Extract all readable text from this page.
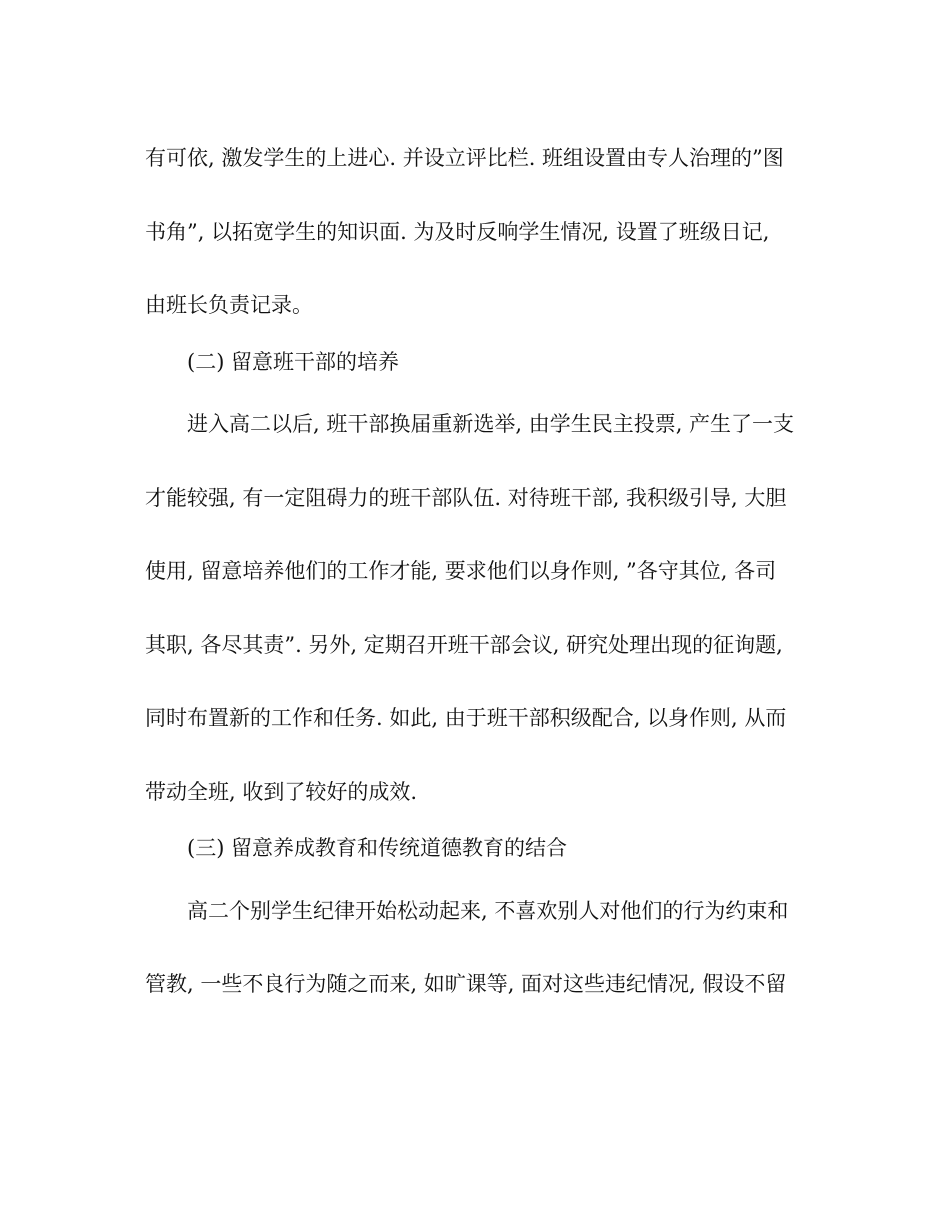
有可依, 激发学生的上进心. 并设立评比栏. 班组设置由专人治理的”图
书角”, 以拓宽学生的知识面. 为及时反响学生情况, 设置了班级日记,
由班长负责记录。
(二) 留意班干部的培养
进入高二以后, 班干部换届重新选举, 由学生民主投票, 产生了一支
才能较强, 有一定阻碍力的班干部队伍. 对待班干部, 我积级引导, 大胆
使用, 留意培养他们的工作才能, 要求他们以身作则, ”各守其位, 各司
其职, 各尽其责”. 另外, 定期召开班干部会议, 研究处理出现的征询题,
同时布置新的工作和任务. 如此, 由于班干部积级配合, 以身作则, 从而
带动全班, 收到了较好的成效.
(三) 留意养成教育和传统道德教育的结合
高二个别学生纪律开始松动起来, 不喜欢别人对他们的行为约束和
管教, 一些不良行为随之而来, 如旷课等, 面对这些违纪情况, 假设不留
